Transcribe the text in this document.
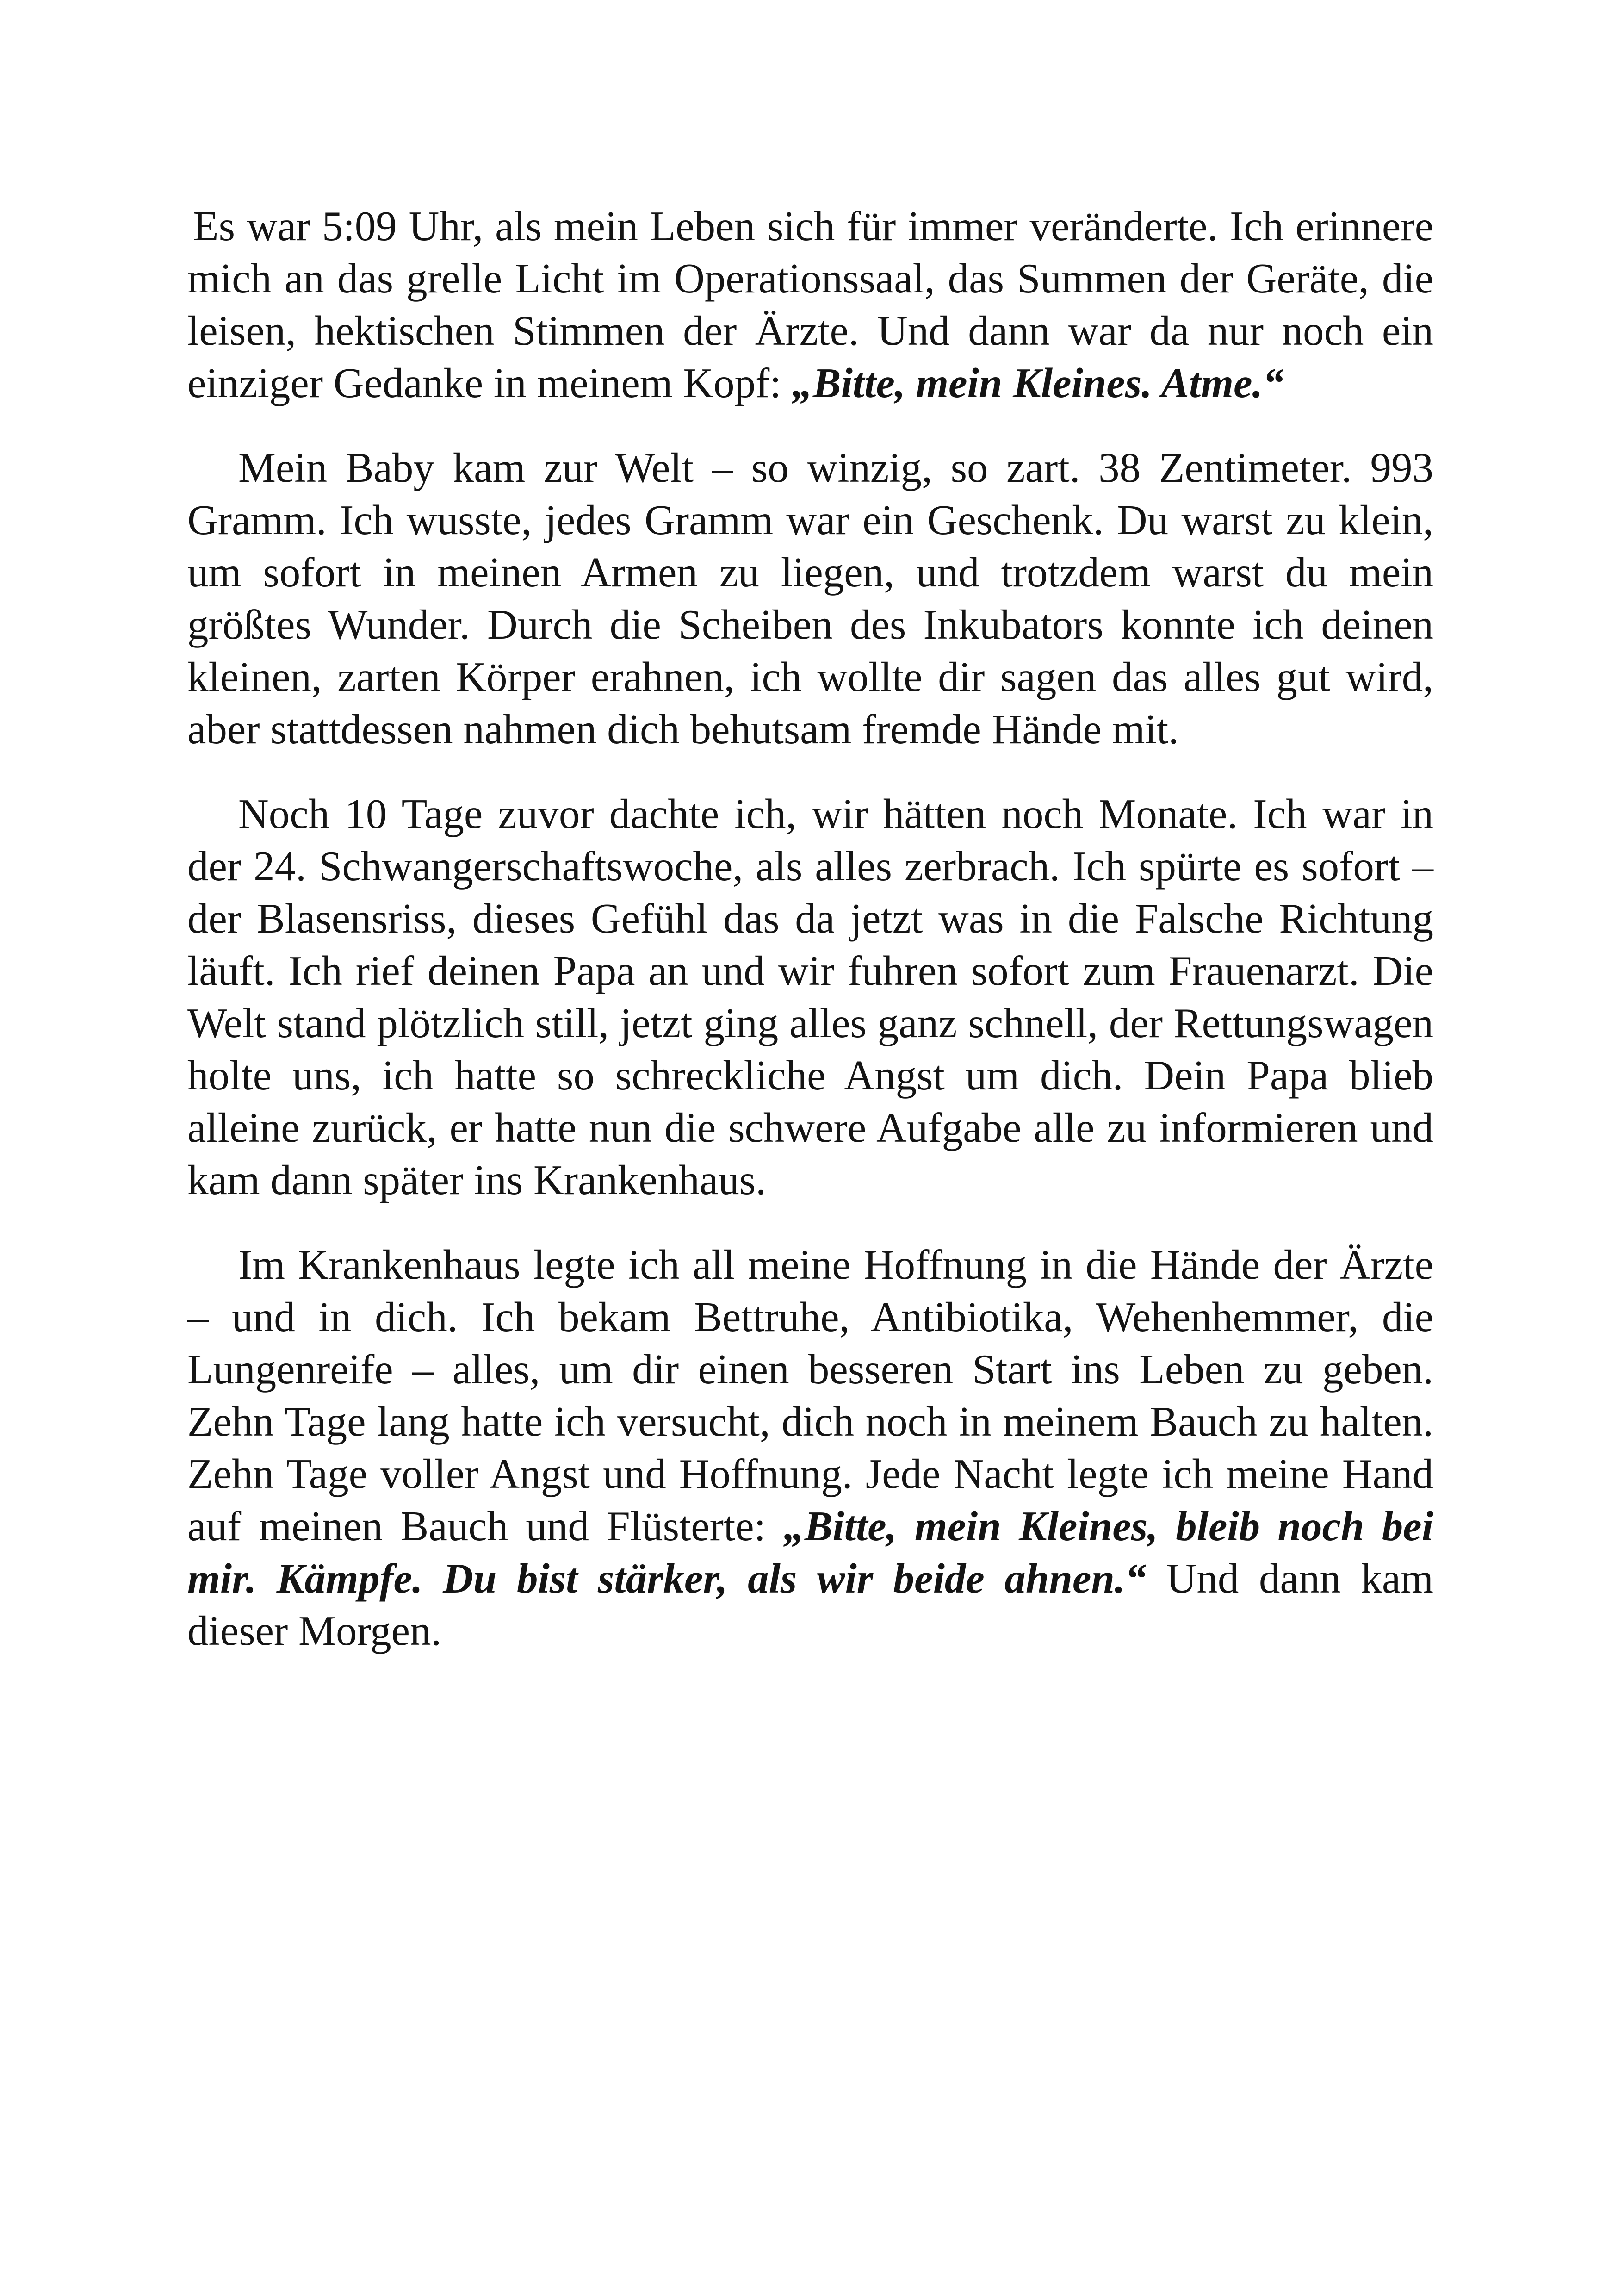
Es war 5:09 Uhr, als mein Leben sich für immer veränderte. Ich erinnere mich an das grelle Licht im Operationssaal, das Summen der Geräte, die leisen, hektischen Stimmen der Ärzte. Und dann war da nur noch ein einziger Gedanke in meinem Kopf: „Bitte, mein Kleines. Atme.“

Mein Baby kam zur Welt – so winzig, so zart. 38 Zentimeter. 993 Gramm. Ich wusste, jedes Gramm war ein Geschenk. Du warst zu klein, um sofort in meinen Armen zu liegen, und trotzdem warst du mein größtes Wunder. Durch die Scheiben des Inkubators konnte ich deinen kleinen, zarten Körper erahnen, ich wollte dir sagen das alles gut wird, aber stattdessen nahmen dich behutsam fremde Hände mit.

Noch 10 Tage zuvor dachte ich, wir hätten noch Monate. Ich war in der 24. Schwangerschaftswoche, als alles zerbrach. Ich spürte es sofort – der Blasensriss, dieses Gefühl das da jetzt was in die Falsche Richtung läuft. Ich rief deinen Papa an und wir fuhren sofort zum Frauenarzt. Die Welt stand plötzlich still, jetzt ging alles ganz schnell, der Rettungswagen holte uns, ich hatte so schreckliche Angst um dich. Dein Papa blieb alleine zurück, er hatte nun die schwere Aufgabe alle zu informieren und kam dann später ins Krankenhaus.

Im Krankenhaus legte ich all meine Hoffnung in die Hände der Ärzte – und in dich. Ich bekam Bettruhe, Antibiotika, Wehenhemmer, die Lungenreife – alles, um dir einen besseren Start ins Leben zu geben. Zehn Tage lang hatte ich versucht, dich noch in meinem Bauch zu halten. Zehn Tage voller Angst und Hoffnung. Jede Nacht legte ich meine Hand auf meinen Bauch und Flüsterte: „Bitte, mein Kleines, bleib noch bei mir. Kämpfe. Du bist stärker, als wir beide ahnen.“ Und dann kam dieser Morgen.
